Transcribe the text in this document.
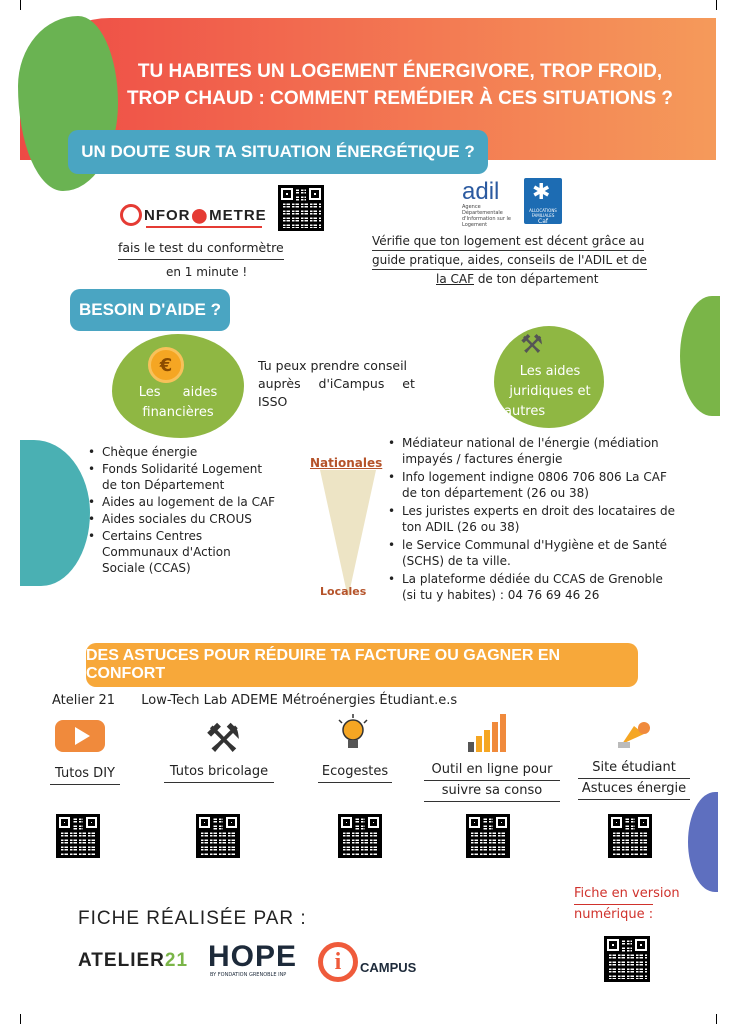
TU HABITES UN LOGEMENT ÉNERGIVORE, TROP FROID,
TROP CHAUD : COMMENT REMÉDIER À CES SITUATIONS ?
UN DOUTE SUR TA SITUATION ÉNERGÉTIQUE ?
NFOR ⬤ METRE
fais le test du conformètre
en 1 minute !
adil
Agence Départementale d'Information sur le Logement
✱
ALLOCATIONS FAMILIALES
Caf
Vérifie que ton logement est décent grâce au guide pratique, aides, conseils de l'ADIL et de
la CAF de ton département
BESOIN D'AIDE ?
€
Les aides
financières
Tu peux prendre conseil
auprès d'iCampus et
ISSO
⚒
Les aides
juridiques et
autres
• Chèque énergie
• Fonds Solidarité Logement de ton Département
• Aides au logement de la CAF
• Aides sociales du CROUS
• Certains Centres Communaux d'Action Sociale (CCAS)
Nationales
Locales
• Médiateur national de l'énergie (médiation impayés / factures énergie
• Info logement indigne 0806 706 806 La CAF de ton département (26 ou 38)
• Les juristes experts en droit des locataires de ton ADIL (26 ou 38)
• le Service Communal d'Hygiène et de Santé (SCHS) de ta ville.
• La plateforme dédiée du CCAS de Grenoble (si tu y habites) : 04 76 69 46 26
DES ASTUCES POUR RÉDUIRE TA FACTURE OU GAGNER EN CONFORT
Atelier 21 Low-Tech Lab ADEME Métroénergies Étudiant.e.s
⚒
Tutos DIY	Tutos bricolage	Ecogestes	Outil en ligne pour
suivre sa conso
Site étudiant
Astuces énergie
FICHE RÉALISÉE PAR :
Fiche en version
numérique :
ATELIER21 HOPE
BY FONDATION GRENOBLE INP
i	CAMPUS
